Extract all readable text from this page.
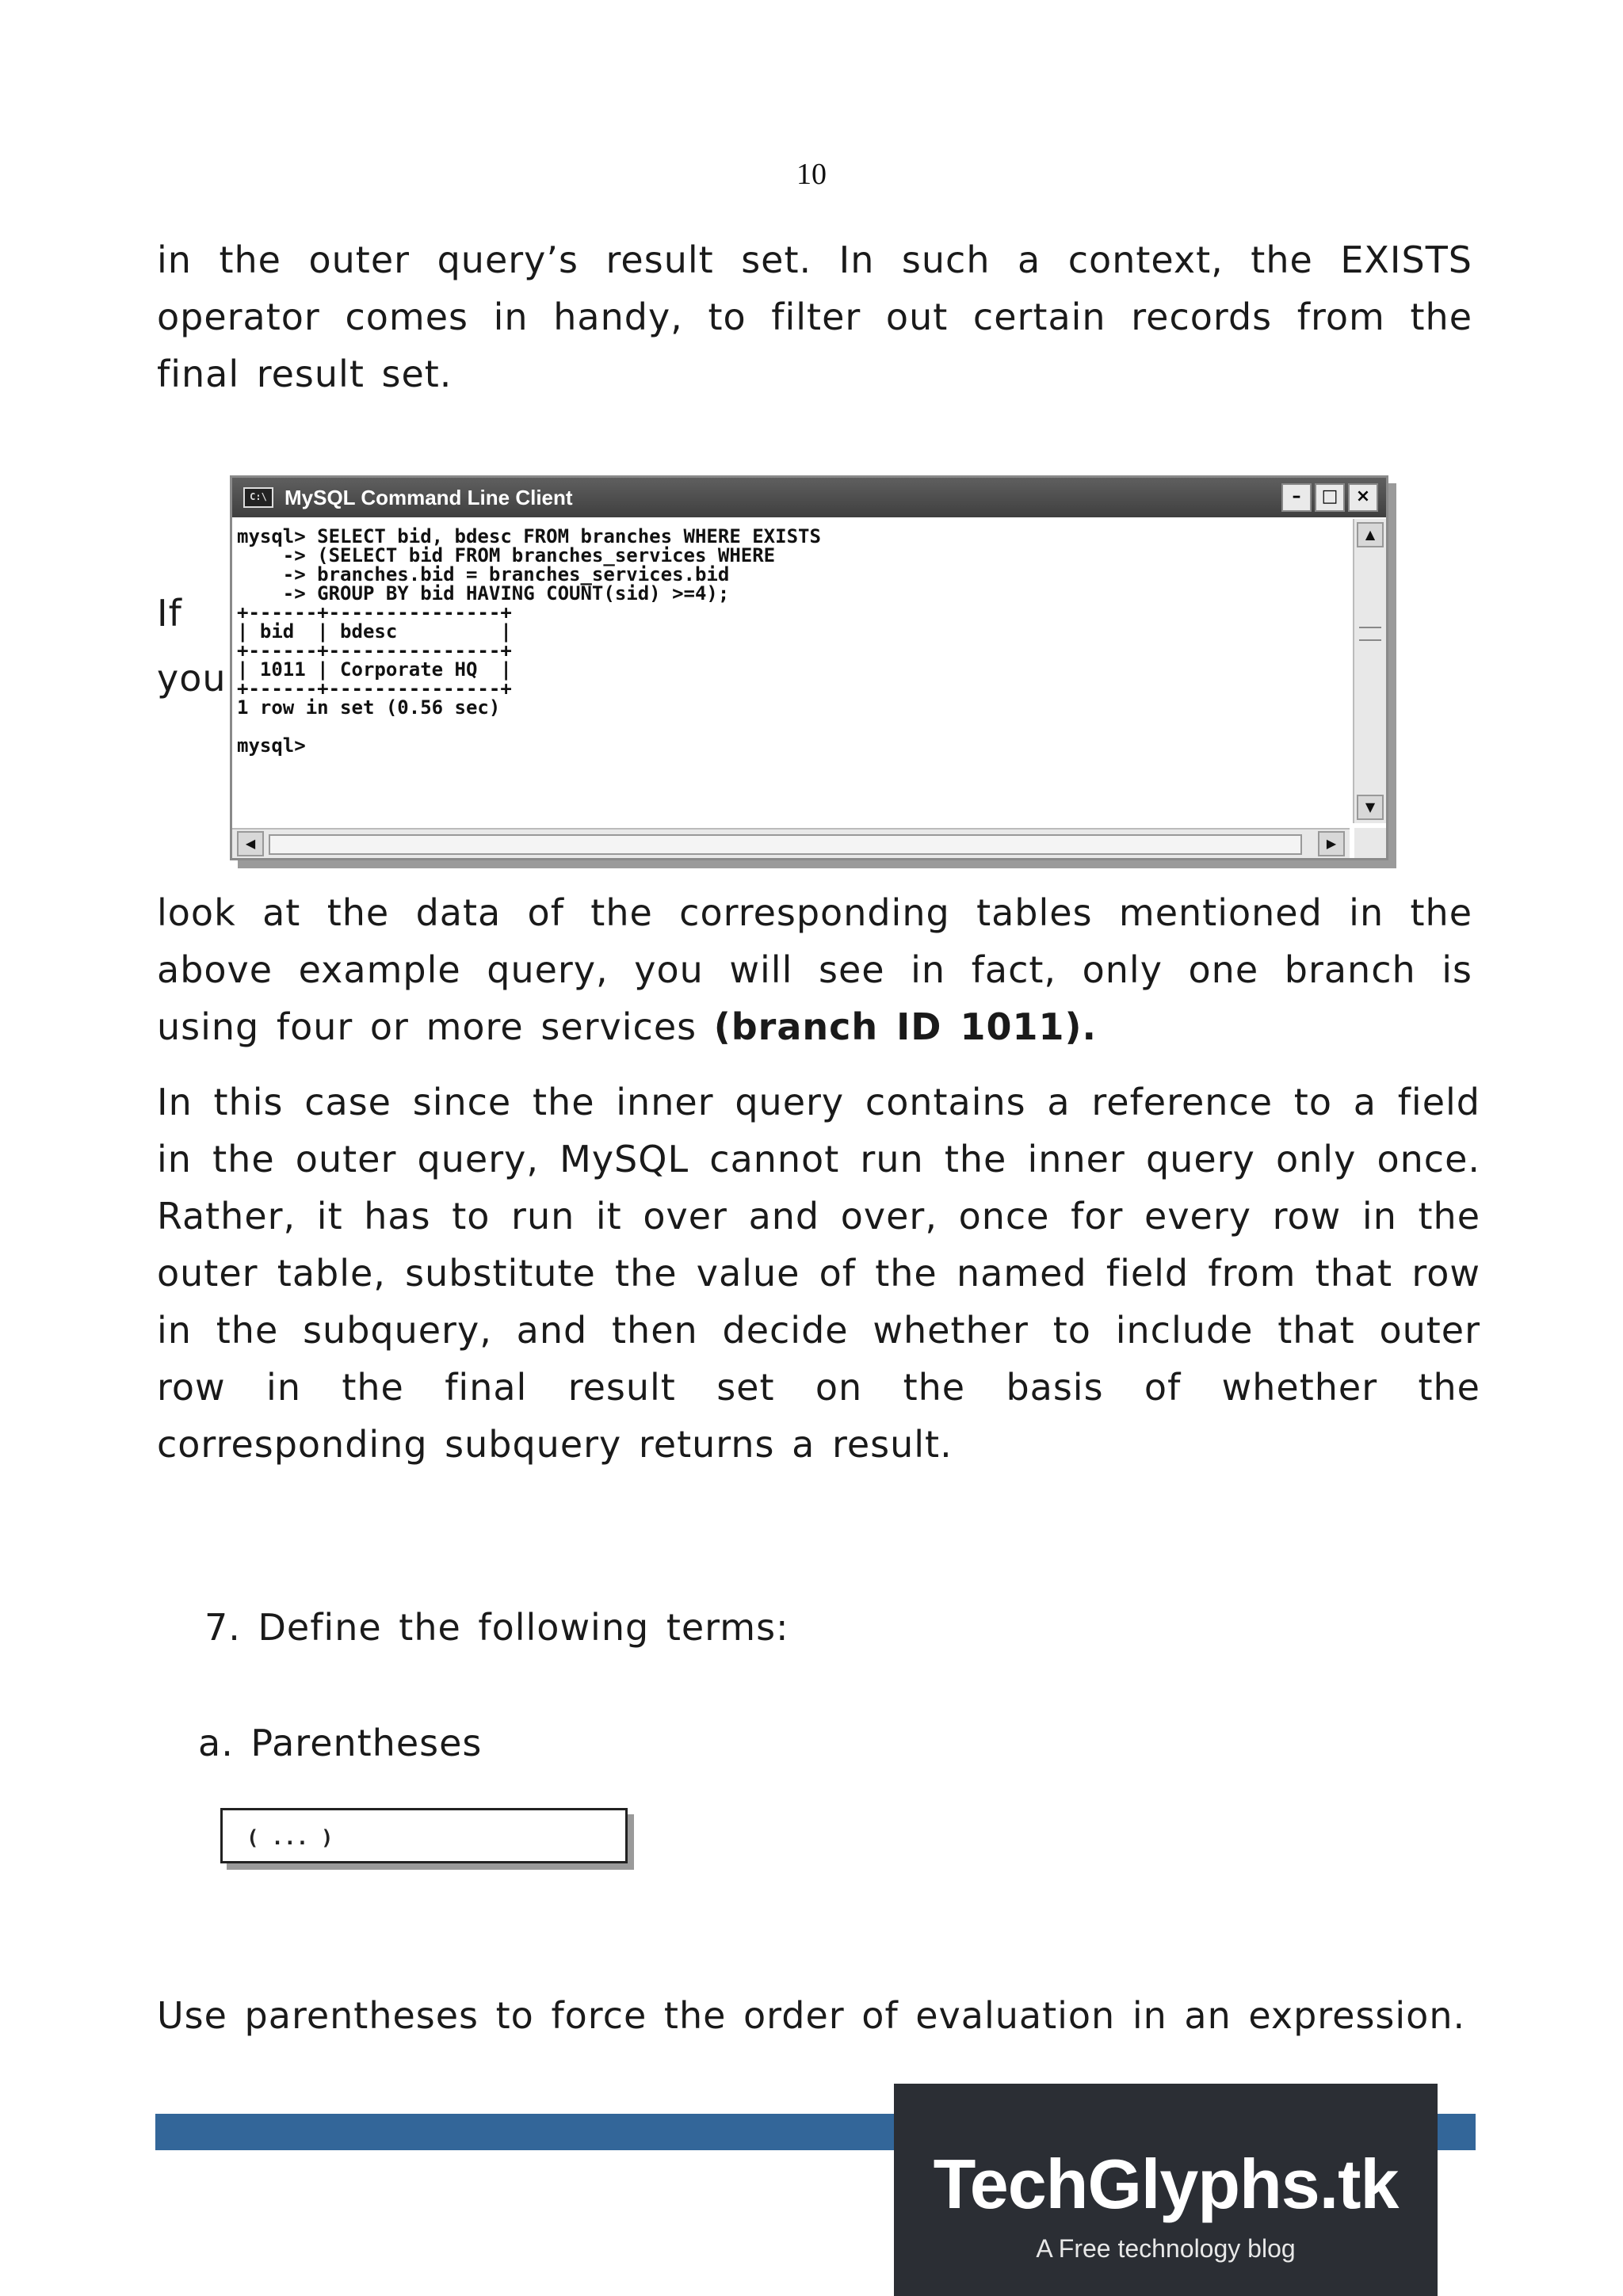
10

in the outer query’s result set. In such a context, the EXISTS operator comes in handy, to filter out certain records from the final result set.

If
you
C:\ MySQL Command Line Client	–	□	×
mysql> SELECT bid, bdesc FROM branches WHERE EXISTS
-> (SELECT bid FROM branches_services WHERE
-> branches.bid = branches_services.bid
-> GROUP BY bid HAVING COUNT(sid) >=4);
+------+---------------+
| bid  | bdesc         |
+------+---------------+
| 1011 | Corporate HQ  |
+------+---------------+
1 row in set (0.56 sec)

mysql>
▲
▼
◀	▶

look at the data of the corresponding tables mentioned in the above example query, you will see in fact, only one branch is using four or more services (branch ID 1011).

In this case since the inner query contains a reference to a field in the outer query, MySQL cannot run the inner query only once. Rather, it has to run it over and over, once for every row in the outer table, substitute the value of the named field from that row in the subquery, and then decide whether to include that outer row in the final result set on the basis of whether the corresponding subquery returns a result.

7. Define the following terms:
a. Parentheses
( ... )

Use parentheses to force the order of evaluation in an expression.

TechGlyphs.tk
A Free technology blog
